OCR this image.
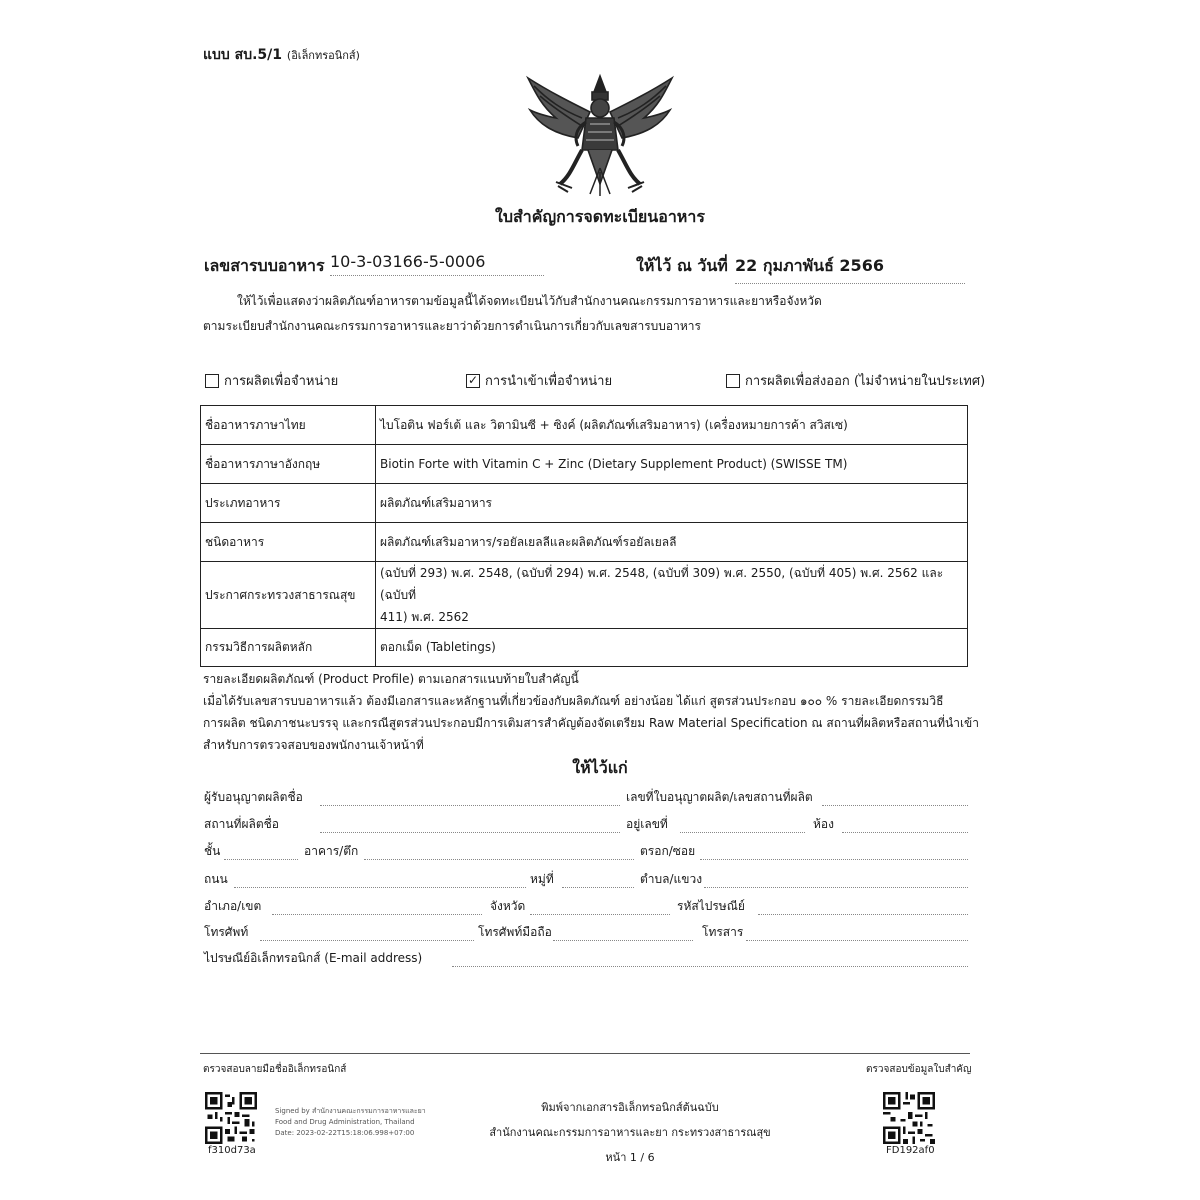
แบบ สบ.5/1 (อิเล็กทรอนิกส์)
ใบสำคัญการจดทะเบียนอาหาร
เลขสารบบอาหาร 10-3-03166-5-0006	ให้ไว้ ณ วันที่ 22 กุมภาพันธ์ 2566
ให้ไว้เพื่อแสดงว่าผลิตภัณฑ์อาหารตามข้อมูลนี้ได้จดทะเบียนไว้กับสำนักงานคณะกรรมการอาหารและยาหรือจังหวัด
ตามระเบียบสำนักงานคณะกรรมการอาหารและยาว่าด้วยการดำเนินการเกี่ยวกับเลขสารบบอาหาร
การผลิตเพื่อจำหน่าย	✓ การนำเข้าเพื่อจำหน่าย	การผลิตเพื่อส่งออก (ไม่จำหน่ายในประเทศ)
ชื่ออาหารภาษาไทย	ไบโอติน ฟอร์เต้ และ วิตามินซี + ซิงค์ (ผลิตภัณฑ์เสริมอาหาร) (เครื่องหมายการค้า สวิสเซ)
ชื่ออาหารภาษาอังกฤษ	Biotin Forte with Vitamin C + Zinc (Dietary Supplement Product) (SWISSE TM)
ประเภทอาหาร	ผลิตภัณฑ์เสริมอาหาร
ชนิดอาหาร	ผลิตภัณฑ์เสริมอาหาร/รอยัลเยลลีและผลิตภัณฑ์รอยัลเยลลี
ประกาศกระทรวงสาธารณสุข	(ฉบับที่ 293) พ.ศ. 2548, (ฉบับที่ 294) พ.ศ. 2548, (ฉบับที่ 309) พ.ศ. 2550, (ฉบับที่ 405) พ.ศ. 2562 และ (ฉบับที่
411) พ.ศ. 2562

กรรมวิธีการผลิตหลัก	ตอกเม็ด (Tabletings)
รายละเอียดผลิตภัณฑ์ (Product Profile) ตามเอกสารแนบท้ายใบสำคัญนี้
เมื่อได้รับเลขสารบบอาหารแล้ว ต้องมีเอกสารและหลักฐานที่เกี่ยวข้องกับผลิตภัณฑ์ อย่างน้อย ได้แก่ สูตรส่วนประกอบ ๑๐๐ % รายละเอียดกรรมวิธี
การผลิต ชนิดภาชนะบรรจุ และกรณีสูตรส่วนประกอบมีการเติมสารสำคัญต้องจัดเตรียม Raw Material Specification ณ สถานที่ผลิตหรือสถานที่นำเข้า
สำหรับการตรวจสอบของพนักงานเจ้าหน้าที่
ให้ไว้แก่
ผู้รับอนุญาตผลิตชื่อ	เลขที่ใบอนุญาตผลิต/เลขสถานที่ผลิต
สถานที่ผลิตชื่อ	อยู่เลขที่	ห้อง
ชั้น	อาคาร/ตึก	ตรอก/ซอย
ถนน	หมู่ที่	ตำบล/แขวง
อำเภอ/เขต	จังหวัด	รหัสไปรษณีย์
โทรศัพท์	โทรศัพท์มือถือ	โทรสาร
ไปรษณีย์อิเล็กทรอนิกส์ (E-mail address)
ตรวจสอบลายมือชื่ออิเล็กทรอนิกส์	ตรวจสอบข้อมูลใบสำคัญ
f310d73a
Signed by สำนักงานคณะกรรมการอาหารและยา
Food and Drug Administration, Thailand
Date: 2023-02-22T15:18:06.998+07:00
พิมพ์จากเอกสารอิเล็กทรอนิกส์ต้นฉบับ
สำนักงานคณะกรรมการอาหารและยา กระทรวงสาธารณสุข
หน้า 1 / 6
FD192af0
